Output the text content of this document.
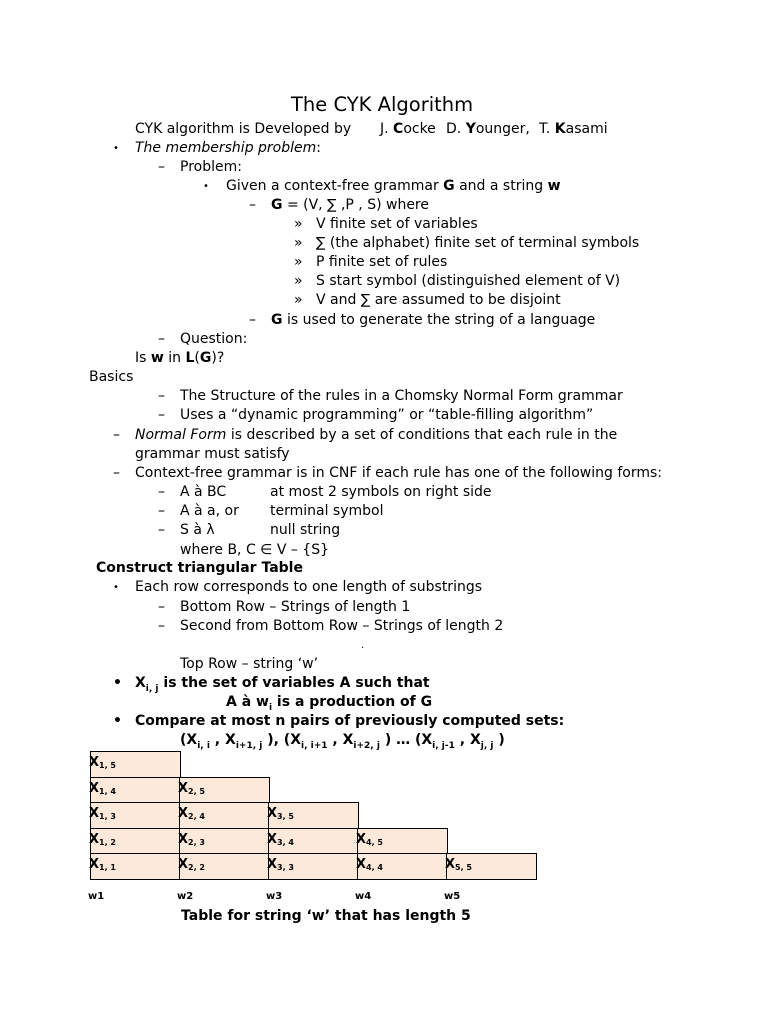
The CYK Algorithm
CYK algorithm is Developed by J. Cocke D. Younger, T. Kasami
• The membership problem:
– Problem:
• Given a context-free grammar G and a string w
– G = (V, ∑ ,P , S) where
» V finite set of variables
» ∑ (the alphabet) finite set of terminal symbols
» P finite set of rules
» S start symbol (distinguished element of V)
» V and ∑ are assumed to be disjoint
– G is used to generate the string of a language
– Question:
Is w in L(G)?
Basics
– The Structure of the rules in a Chomsky Normal Form grammar
– Uses a “dynamic programming” or “table-filling algorithm”
– Normal Form is described by a set of conditions that each rule in the
grammar must satisfy
– Context-free grammar is in CNF if each rule has one of the following forms:
– A à BC	at most 2 symbols on right side
– A à a, or terminal symbol
– S à λ	null string
where B, C ∈ V – {S}
Construct triangular Table
• Each row corresponds to one length of substrings
– Bottom Row – Strings of length 1
– Second from Bottom Row – Strings of length 2
.
Top Row – string ‘w’
• $X_{i, j}$ is the set of variables A such that
A à $w_i$ is a production of G
• Compare at most n pairs of previously computed sets:
($X_{i, i}$ , $X_{i+1, j}$ ), ($X_{i, i+1}$ , $X_{i+2, j}$ ) … ($X_{i, j-1}$ , $X_{j, j}$ )
$X_{1, 5}$
$X_{1, 4}$	$X_{2, 5}$
$X_{1, 3}$	$X_{2, 4}$	$X_{3, 5}$
$X_{1, 2}$	$X_{2, 3}$	$X_{3, 4}$	$X_{4, 5}$
$X_{1, 1}$	$X_{2, 2}$	$X_{3, 3}$	$X_{4, 4}$	$X_{5, 5}$
w1	w2	w3	w4	w5
Table for string ‘w’ that has length 5
